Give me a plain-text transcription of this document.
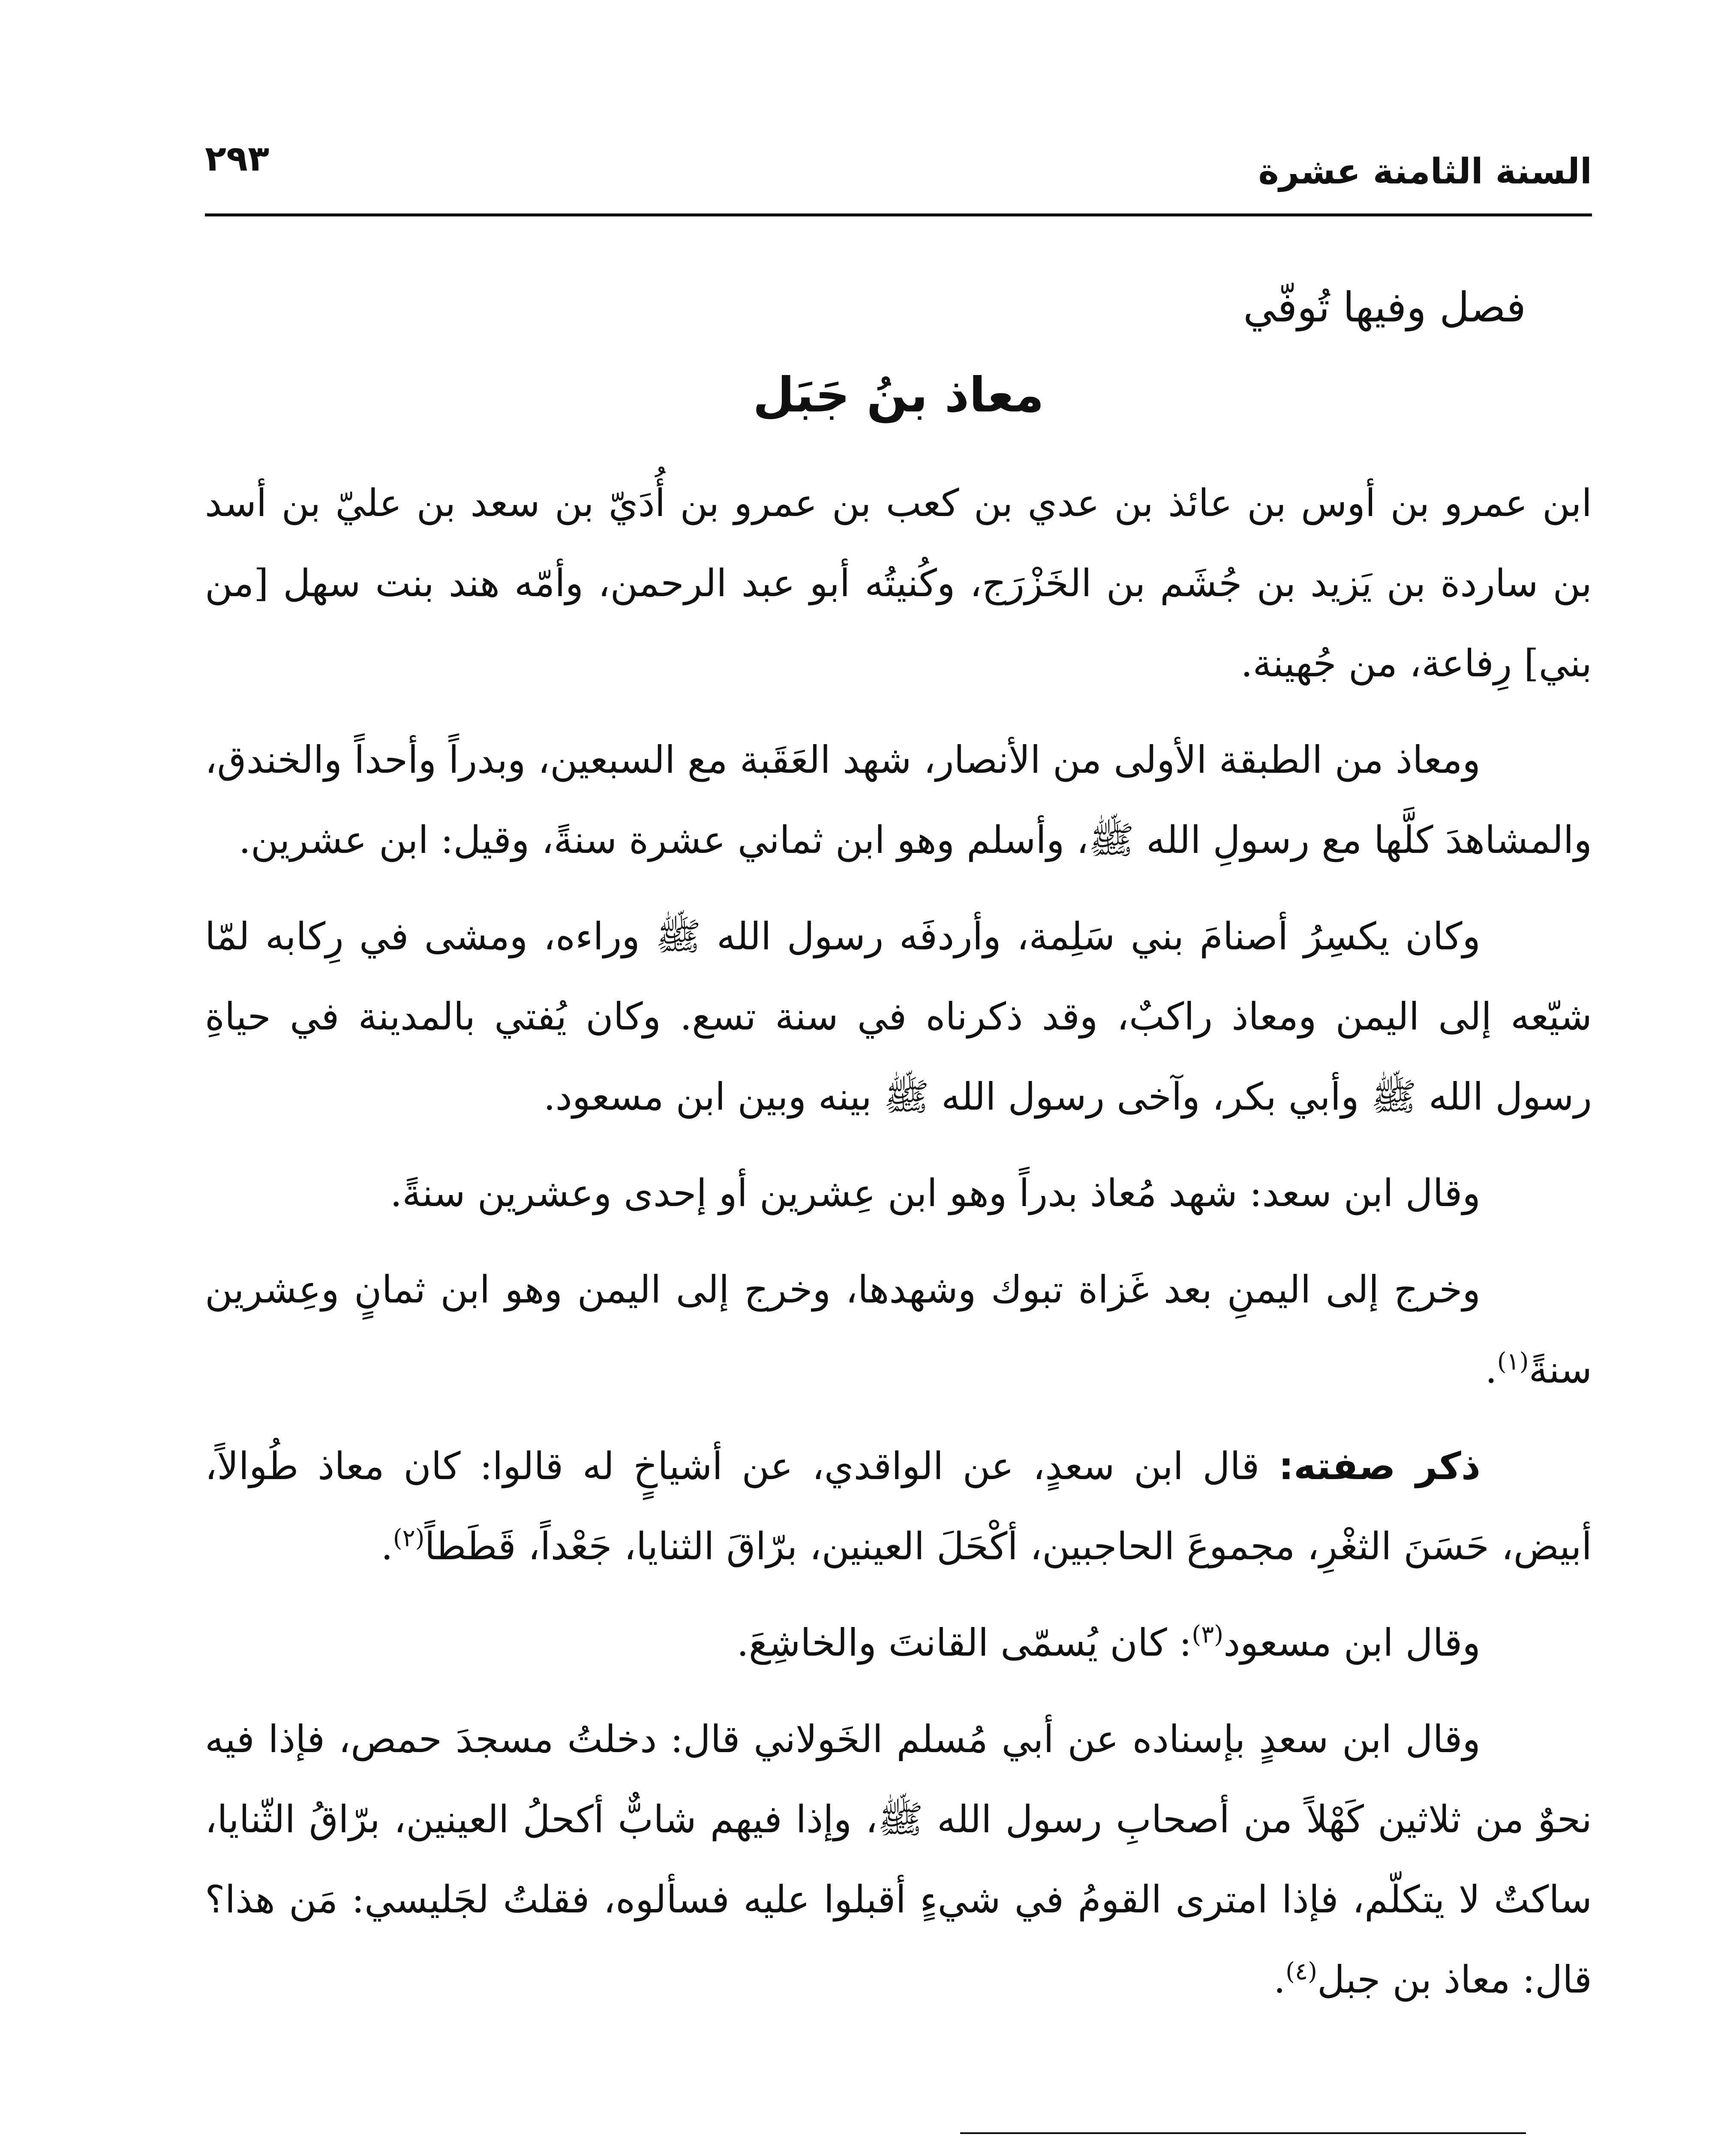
السنة الثامنة عشرة
٢٩٣
فصل وفيها تُوفّي
معاذ بنُ جَبَل

ابن عمرو بن أوس بن عائذ بن عدي بن كعب بن عمرو بن أُدَيّ بن سعد بن عليّ بن أسد بن ساردة بن يَزيد بن جُشَم بن الخَزْرَج، وكُنيتُه أبو عبد الرحمن، وأمّه هند بنت سهل [من بني] رِفاعة، من جُهينة.

ومعاذ من الطبقة الأولى من الأنصار، شهد العَقَبة مع السبعين، وبدراً وأحداً والخندق، والمشاهدَ كلَّها مع رسولِ الله ﷺ، وأسلم وهو ابن ثماني عشرة سنةً، وقيل: ابن عشرين.

وكان يكسِرُ أصنامَ بني سَلِمة، وأردفَه رسول الله ﷺ وراءه، ومشى في رِكابه لمّا شيّعه إلى اليمن ومعاذ راكبٌ، وقد ذكرناه في سنة تسع. وكان يُفتي بالمدينة في حياةِ رسول الله ﷺ وأبي بكر، وآخى رسول الله ﷺ بينه وبين ابن مسعود.

وقال ابن سعد: شهد مُعاذ بدراً وهو ابن عِشرين أو إحدى وعشرين سنةً.

وخرج إلى اليمنِ بعد غَزاة تبوك وشهدها، وخرج إلى اليمن وهو ابن ثمانٍ وعِشرين سنةً$^{(١)}$.

ذكر صفته: قال ابن سعدٍ، عن الواقدي، عن أشياخٍ له قالوا: كان معاذ طُوالاً، أبيض، حَسَنَ الثغْرِ، مجموعَ الحاجبين، أكْحَلَ العينين، برّاقَ الثنايا، جَعْداً، قَطَطاً$^{(٢)}$.

وقال ابن مسعود$^{(٣)}$: كان يُسمّى القانتَ والخاشِعَ.

وقال ابن سعدٍ بإسناده عن أبي مُسلم الخَولاني قال: دخلتُ مسجدَ حمص، فإذا فيه نحوٌ من ثلاثين كَهْلاً من أصحابِ رسول الله ﷺ، وإذا فيهم شابٌّ أكحلُ العينين، برّاقُ الثّنايا، ساكتٌ لا يتكلّم، فإذا امترى القومُ في شيءٍ أقبلوا عليه فسألوه، فقلتُ لجَليسي: مَن هذا؟ قال: معاذ بن جبل$^{(٤)}$.
